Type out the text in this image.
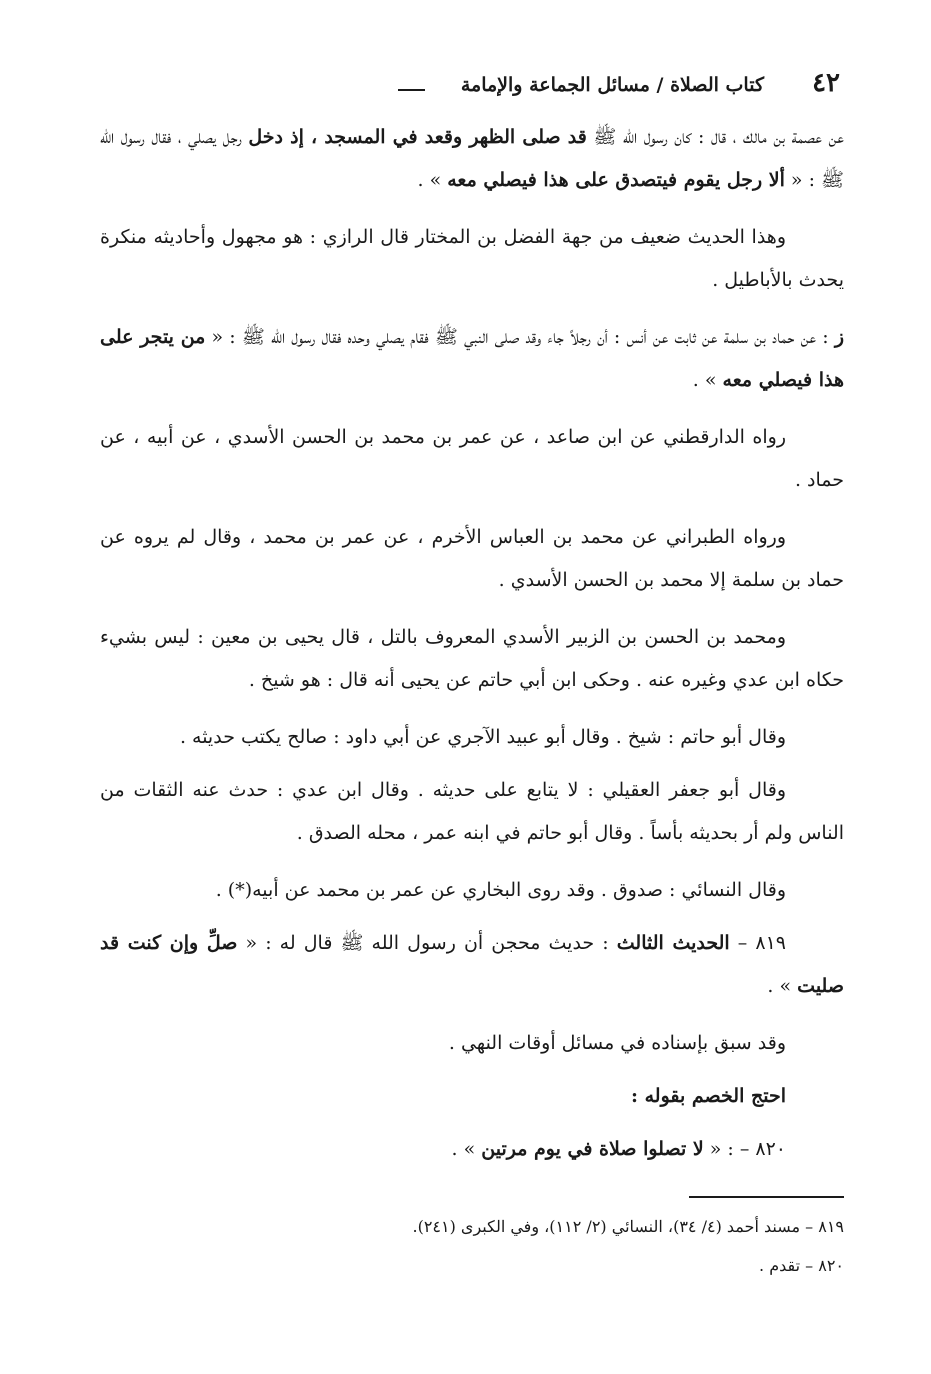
كتاب الصلاة / مسائل الجماعة والإمامة ٤٢

عن عصمة بن مالك ، قال : كان رسول الله ﷺ قد صلى الظهر وقعد في المسجد ، إذ دخل رجل يصلي ، فقال رسول الله ﷺ : « ألا رجل يقوم فيتصدق على هذا فيصلي معه » .

وهذا الحديث ضعيف من جهة الفضل بن المختار قال الرازي : هو مجهول وأحاديثه منكرة يحدث بالأباطيل .

ز : عن حماد بن سلمة عن ثابت عن أنس : أن رجلاً جاء وقد صلى النبي ﷺ فقام يصلي وحده فقال رسول الله ﷺ : « من يتجر على هذا فيصلي معه » .

رواه الدارقطني عن ابن صاعد ، عن عمر بن محمد بن الحسن الأسدي ، عن أبيه ، عن حماد .

ورواه الطبراني عن محمد بن العباس الأخرم ، عن عمر بن محمد ، وقال لم يروه عن حماد بن سلمة إلا محمد بن الحسن الأسدي .

ومحمد بن الحسن بن الزبير الأسدي المعروف بالتل ، قال يحيى بن معين : ليس بشيء حكاه ابن عدي وغيره عنه . وحكى ابن أبي حاتم عن يحيى أنه قال : هو شيخ .

وقال أبو حاتم : شيخ . وقال أبو عبيد الآجري عن أبي داود : صالح يكتب حديثه .

وقال أبو جعفر العقيلي : لا يتابع على حديثه . وقال ابن عدي : حدث عنه الثقات من الناس ولم أر بحديثه بأساً . وقال أبو حاتم في ابنه عمر ، محله الصدق .

وقال النسائي : صدوق . وقد روى البخاري عن عمر بن محمد عن أبيه(*) .

٨١٩ – الحديث الثالث : حديث محجن أن رسول الله ﷺ قال له : « صلِّ وإن كنت قد صليت » .

وقد سبق بإسناده في مسائل أوقات النهي .

احتج الخصم بقوله :

٨٢٠ – : « لا تصلوا صلاة في يوم مرتين » .

٨١٩ – مسند أحمد (٤/ ٣٤)، النسائي (٢/ ١١٢)، وفي الكبرى (٢٤١).
٨٢٠ – تقدم .
